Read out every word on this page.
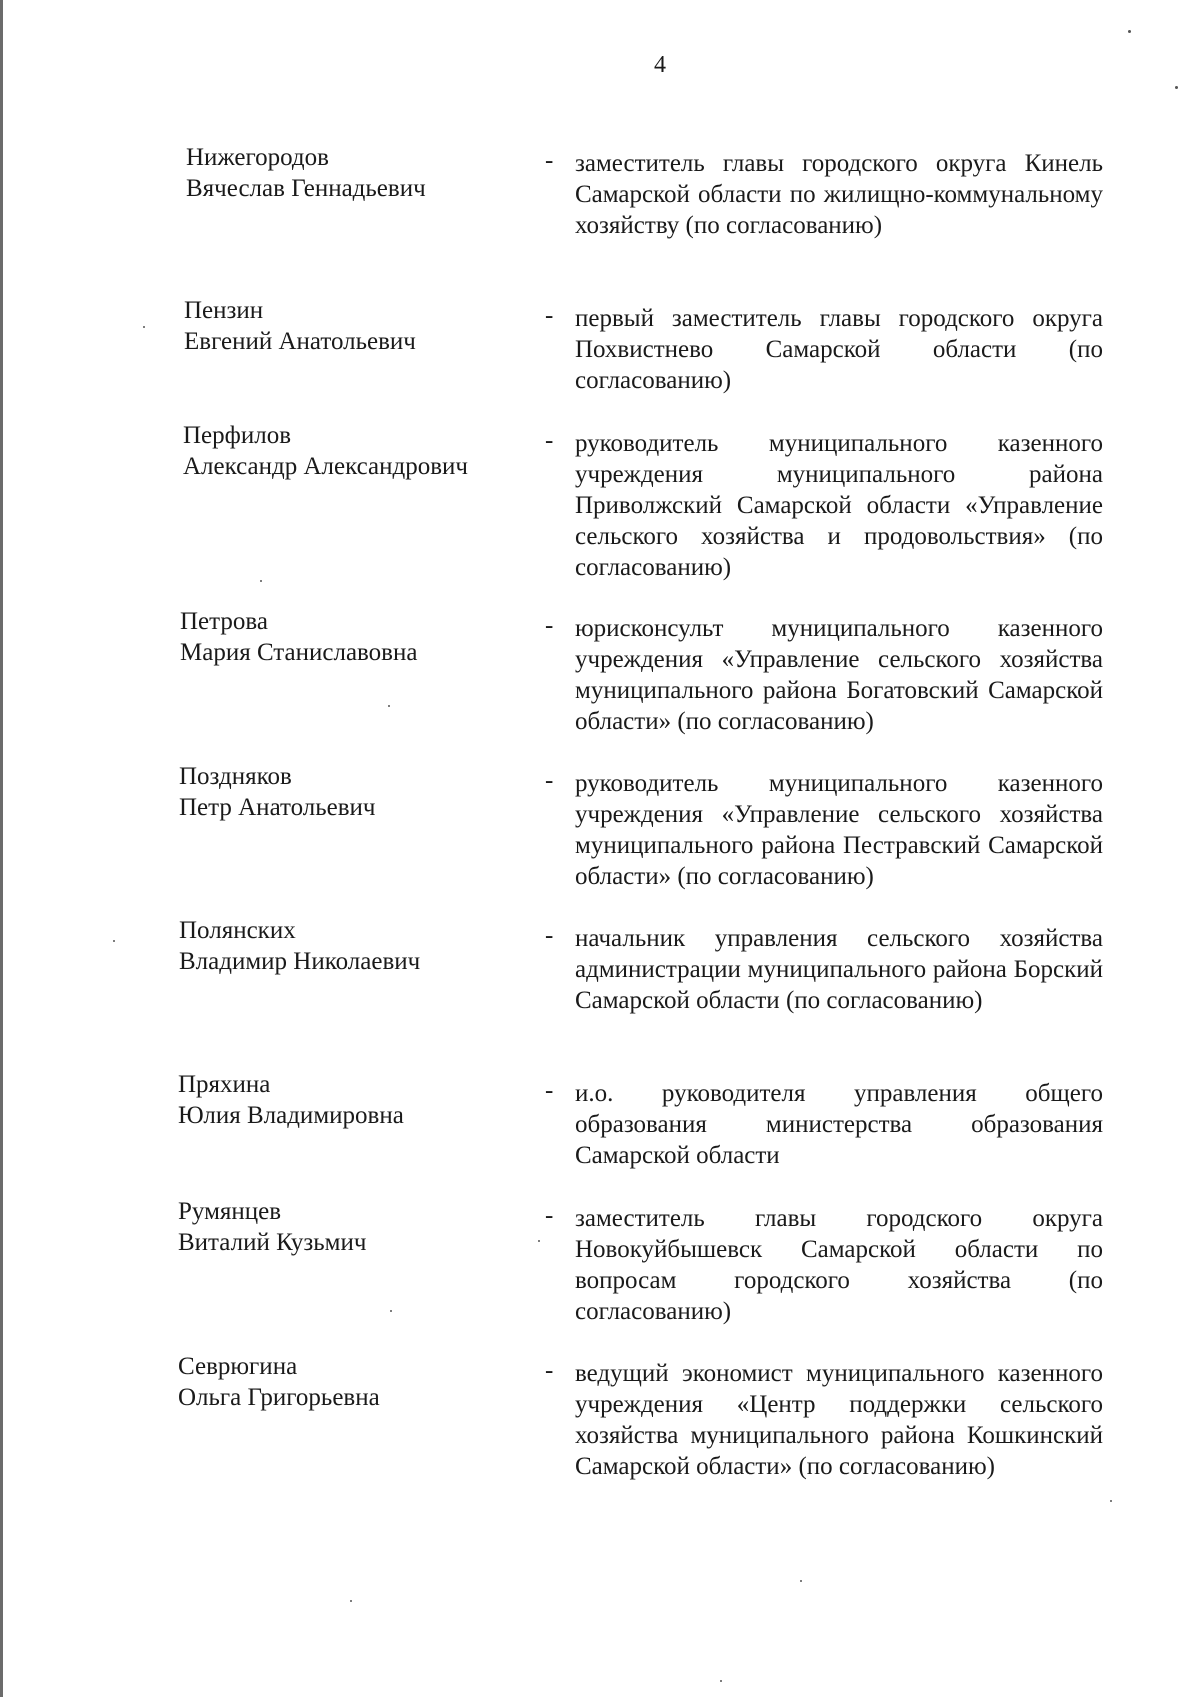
4
Нижегородов
Вячеслав Геннадьевич
- заместитель главы городского округа Кинель Самарской области по жилищно-коммунальному хозяйству (по согласованию)
Пензин
Евгений Анатольевич
- первый заместитель главы городского округа Похвистнево Самарской области (по согласованию)
Перфилов
Александр Александрович
- руководитель муниципального казенного учреждения муниципального района Приволжский Самарской области «Управление сельского хозяйства и продовольствия» (по согласованию)
Петрова
Мария Станиславовна
- юрисконсульт муниципального казенного учреждения «Управление сельского хозяйства муниципального района Богатовский Самарской области» (по согласованию)
Поздняков
Петр Анатольевич
- руководитель муниципального казенного учреждения «Управление сельского хозяйства муниципального района Пестравский Самарской области» (по согласованию)
Полянских
Владимир Николаевич
- начальник управления сельского хозяйства администрации муниципального района Борский Самарской области (по согласованию)
Пряхина
Юлия Владимировна
- и.о. руководителя управления общего образования министерства образования Самарской области
Румянцев
Виталий Кузьмич
- заместитель главы городского округа Новокуйбышевск Самарской области по вопросам городского хозяйства (по согласованию)
Севрюгина
Ольга Григорьевна
- ведущий экономист муниципального казенного учреждения «Центр поддержки сельского хозяйства муниципального района Кошкинский Самарской области» (по согласованию)
